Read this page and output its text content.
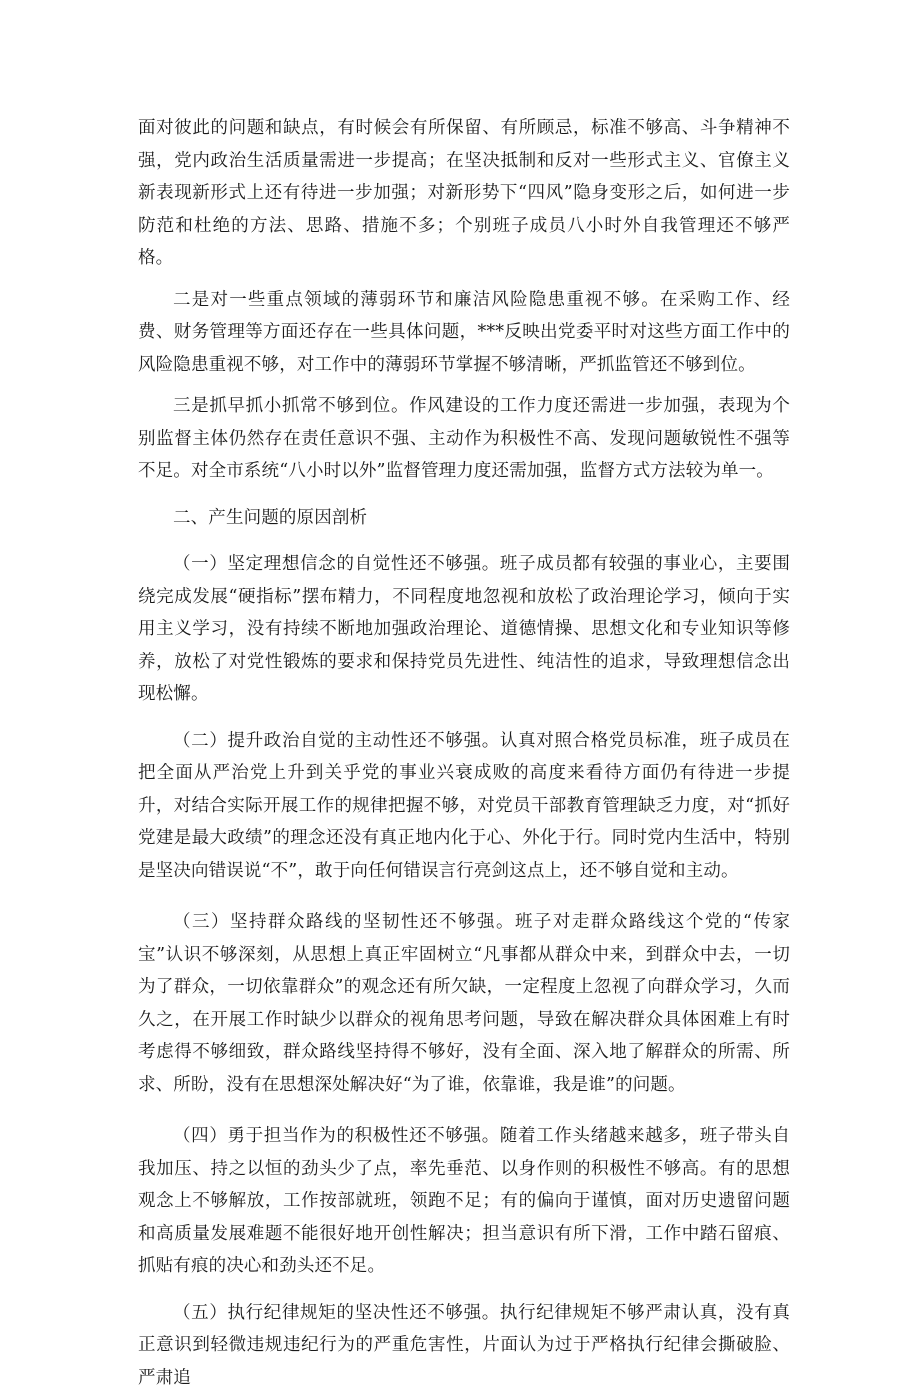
面对彼此的问题和缺点，有时候会有所保留、有所顾忌，标准不够高、斗争精神不强，党内政治生活质量需进一步提高；在坚决抵制和反对一些形式主义、官僚主义新表现新形式上还有待进一步加强；对新形势下“四风”隐身变形之后，如何进一步防范和杜绝的方法、思路、措施不多；个别班子成员八小时外自我管理还不够严格。

二是对一些重点领域的薄弱环节和廉洁风险隐患重视不够。在采购工作、经费、财务管理等方面还存在一些具体问题，***反映出党委平时对这些方面工作中的风险隐患重视不够，对工作中的薄弱环节掌握不够清晰，严抓监管还不够到位。

三是抓早抓小抓常不够到位。作风建设的工作力度还需进一步加强，表现为个别监督主体仍然存在责任意识不强、主动作为积极性不高、发现问题敏锐性不强等不足。对全市系统“八小时以外”监督管理力度还需加强，监督方式方法较为单一。

二、产生问题的原因剖析

（一）坚定理想信念的自觉性还不够强。班子成员都有较强的事业心，主要围绕完成发展“硬指标”摆布精力，不同程度地忽视和放松了政治理论学习，倾向于实用主义学习，没有持续不断地加强政治理论、道德情操、思想文化和专业知识等修养，放松了对党性锻炼的要求和保持党员先进性、纯洁性的追求，导致理想信念出现松懈。

（二）提升政治自觉的主动性还不够强。认真对照合格党员标准，班子成员在把全面从严治党上升到关乎党的事业兴衰成败的高度来看待方面仍有待进一步提升，对结合实际开展工作的规律把握不够，对党员干部教育管理缺乏力度，对“抓好党建是最大政绩”的理念还没有真正地内化于心、外化于行。同时党内生活中，特别是坚决向错误说“不”，敢于向任何错误言行亮剑这点上，还不够自觉和主动。

（三）坚持群众路线的坚韧性还不够强。班子对走群众路线这个党的“传家宝”认识不够深刻，从思想上真正牢固树立“凡事都从群众中来，到群众中去，一切为了群众，一切依靠群众”的观念还有所欠缺，一定程度上忽视了向群众学习，久而久之，在开展工作时缺少以群众的视角思考问题，导致在解决群众具体困难上有时考虑得不够细致，群众路线坚持得不够好，没有全面、深入地了解群众的所需、所求、所盼，没有在思想深处解决好“为了谁，依靠谁，我是谁”的问题。

（四）勇于担当作为的积极性还不够强。随着工作头绪越来越多，班子带头自我加压、持之以恒的劲头少了点，率先垂范、以身作则的积极性不够高。有的思想观念上不够解放，工作按部就班，领跑不足；有的偏向于谨慎，面对历史遗留问题和高质量发展难题不能很好地开创性解决；担当意识有所下滑，工作中踏石留痕、抓贴有痕的决心和劲头还不足。

（五）执行纪律规矩的坚决性还不够强。执行纪律规矩不够严肃认真，没有真正意识到轻微违规违纪行为的严重危害性，片面认为过于严格执行纪律会撕破脸、严肃追
